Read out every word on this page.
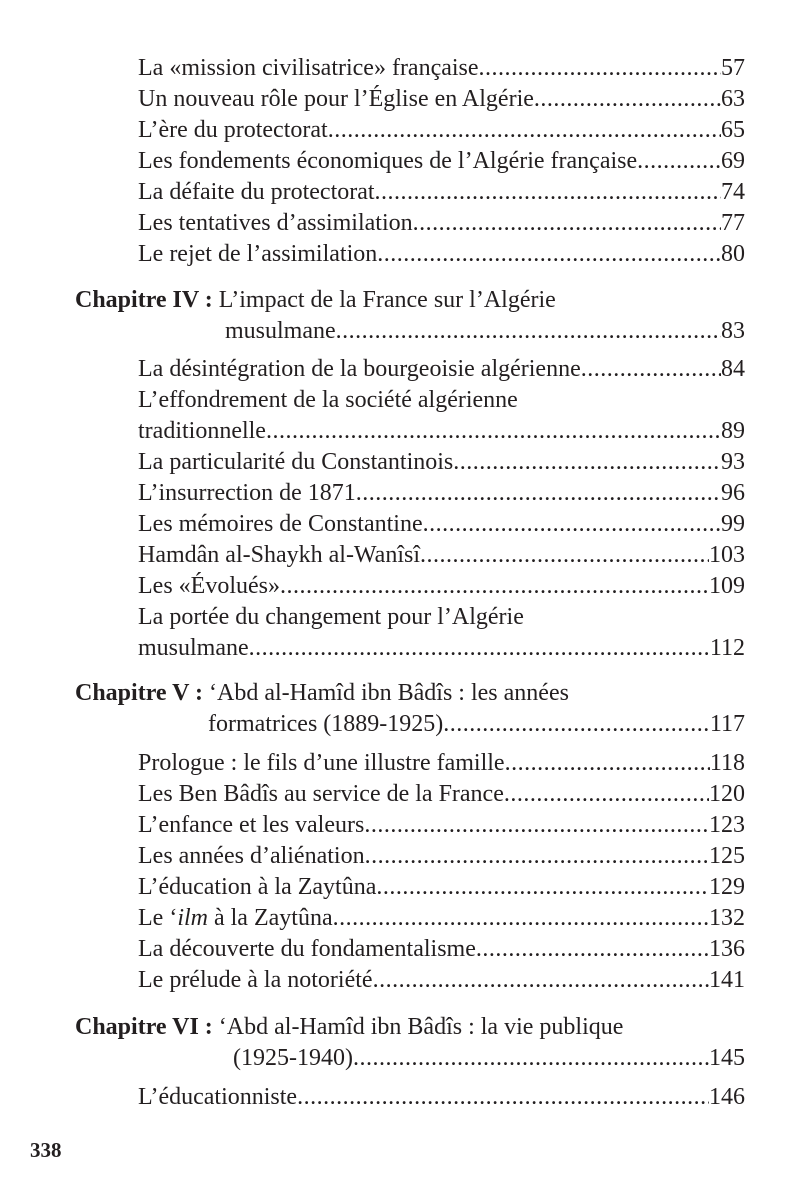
La «mission civilisatrice» française .....	57
Un nouveau rôle pour l’Église en Algérie .....	63
L’ère du protectorat .....	65
Les fondements économiques de l’Algérie française .....	69
La défaite du protectorat .....	74
Les tentatives d’assimilation .....	77
Le rejet de l’assimilation .....	80
Chapitre IV : L’impact de la France sur l’Algérie
musulmane .....	83
La désintégration de la bourgeoisie algérienne .....	84
L’effondrement de la société algérienne
traditionnelle .....	89
La particularité du Constantinois .....	93
L’insurrection de 1871 .....	96
Les mémoires de Constantine .....	99
Hamdân al-Shaykh al-Wanîsî .....	103
Les «Évolués» .....	109
La portée du changement pour l’Algérie
musulmane .....	112
Chapitre V : ‘Abd al-Hamîd ibn Bâdîs : les années
formatrices (1889-1925) .....	117
Prologue : le fils d’une illustre famille .....	118
Les Ben Bâdîs au service de la France .....	120
L’enfance et les valeurs .....	123
Les années d’aliénation .....	125
L’éducation à la Zaytûna .....	129
Le ‘ilm à la Zaytûna .....	132
La découverte du fondamentalisme .....	136
Le prélude à la notoriété .....	141
Chapitre VI : ‘Abd al-Hamîd ibn Bâdîs : la vie publique
(1925-1940) .....	145
L’éducationniste .....	146
338
